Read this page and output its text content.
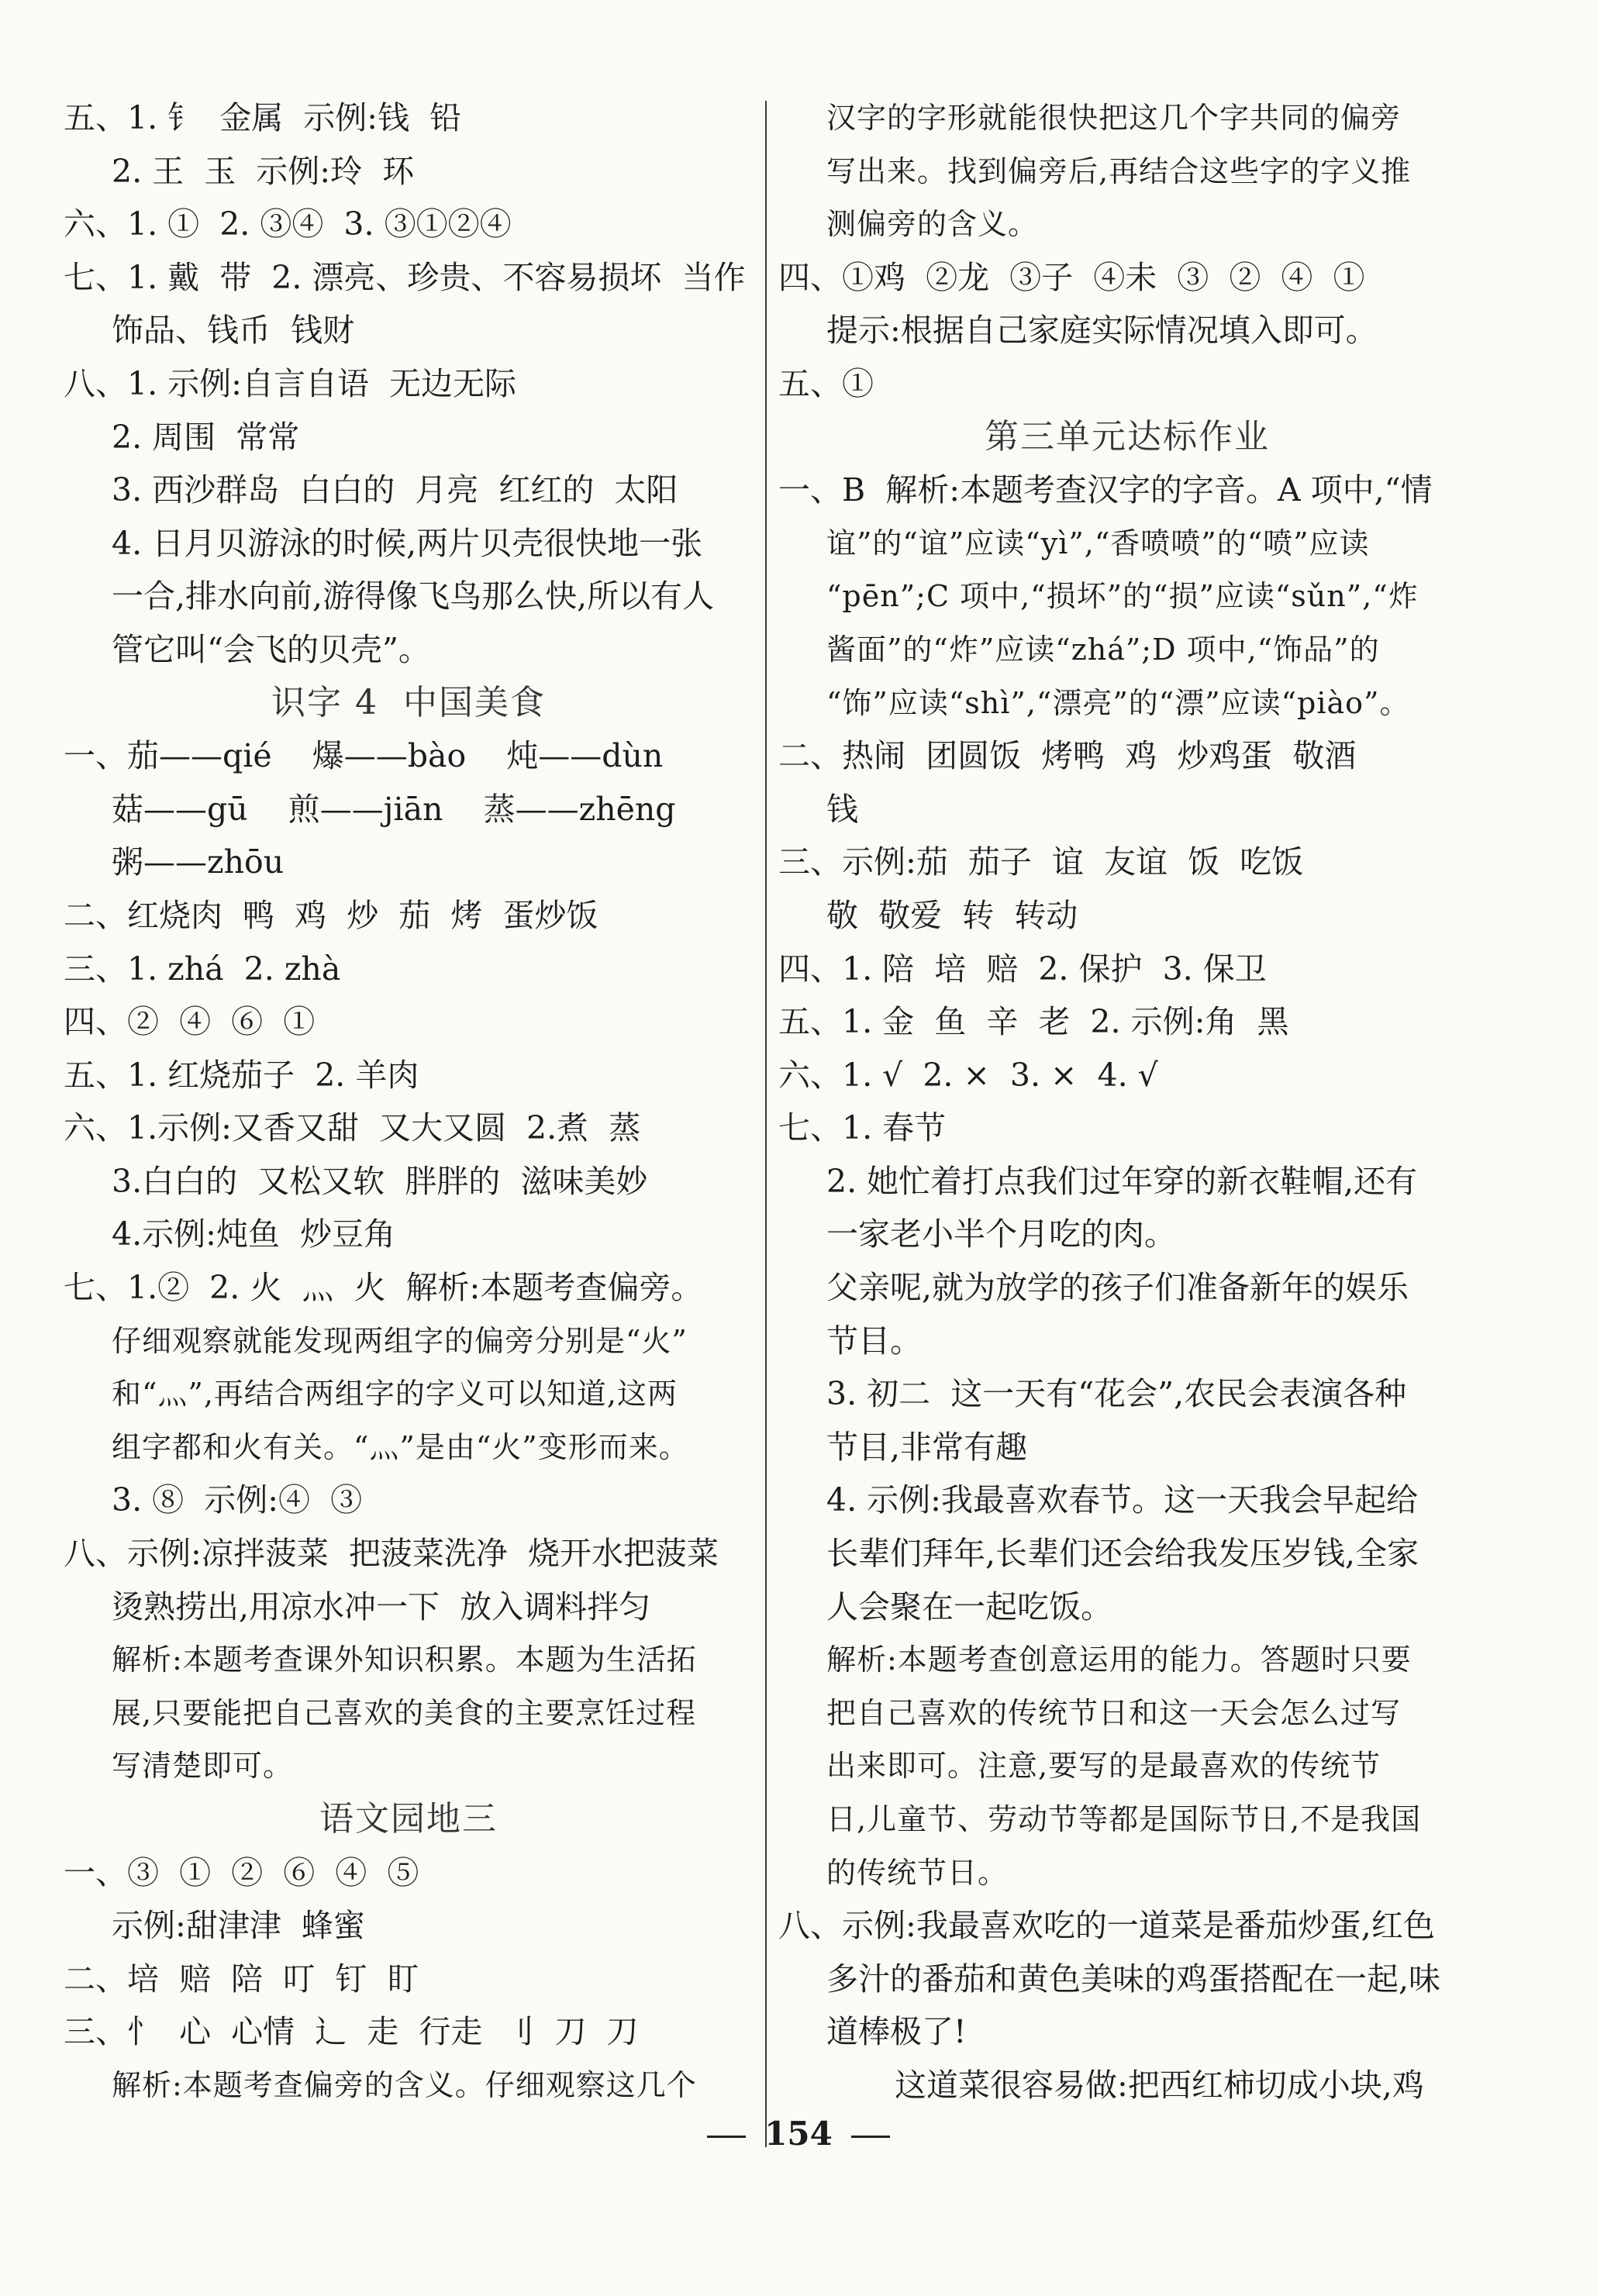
五、1. 钅  金属  示例:钱  铅
2. 王  玉  示例:玲  环
六、1. ①  2. ③④  3. ③①②④
七、1. 戴  带  2. 漂亮、珍贵、不容易损坏  当作
饰品、钱币  钱财
八、1. 示例:自言自语  无边无际
2. 周围  常常
3. 西沙群岛  白白的  月亮  红红的  太阳
4. 日月贝游泳的时候,两片贝壳很快地一张
一合,排水向前,游得像飞鸟那么快,所以有人
管它叫“会飞的贝壳”。
识字 4  中国美食
一、茄——qié    爆——bào    炖——dùn
菇——gū    煎——jiān    蒸——zhēng
粥——zhōu
二、红烧肉  鸭  鸡  炒  茄  烤  蛋炒饭
三、1. zhá  2. zhà
四、②  ④  ⑥  ①
五、1. 红烧茄子  2. 羊肉
六、1.示例:又香又甜  又大又圆  2.煮  蒸
3.白白的  又松又软  胖胖的  滋味美妙
4.示例:炖鱼  炒豆角
七、1.②  2. 火  灬  火  解析:本题考查偏旁。
仔细观察就能发现两组字的偏旁分别是“火”
和“灬”,再结合两组字的字义可以知道,这两
组字都和火有关。“灬”是由“火”变形而来。
3. ⑧  示例:④  ③
八、示例:凉拌菠菜  把菠菜洗净  烧开水把菠菜
烫熟捞出,用凉水冲一下  放入调料拌匀
解析:本题考查课外知识积累。本题为生活拓
展,只要能把自己喜欢的美食的主要烹饪过程
写清楚即可。
语文园地三
一、③  ①  ②  ⑥  ④  ⑤
示例:甜津津  蜂蜜
二、培  赔  陪  叮  钉  盯
三、忄  心  心情  辶  走  行走  刂  刀  刀
解析:本题考查偏旁的含义。仔细观察这几个
汉字的字形就能很快把这几个字共同的偏旁
写出来。找到偏旁后,再结合这些字的字义推
测偏旁的含义。
四、①鸡  ②龙  ③子  ④未  ③  ②  ④  ①
提示:根据自己家庭实际情况填入即可。
五、①
第三单元达标作业
一、B  解析:本题考查汉字的字音。A 项中,“情
谊”的“谊”应读“yì”,“香喷喷”的“喷”应读
“pēn”;C 项中,“损坏”的“损”应读“sǔn”,“炸
酱面”的“炸”应读“zhá”;D 项中,“饰品”的
“饰”应读“shì”,“漂亮”的“漂”应读“piào”。
二、热闹  团圆饭  烤鸭  鸡  炒鸡蛋  敬酒
钱
三、示例:茄  茄子  谊  友谊  饭  吃饭
敬  敬爱  转  转动
四、1. 陪  培  赔  2. 保护  3. 保卫
五、1. 金  鱼  辛  老  2. 示例:角  黑
六、1. √  2. ×  3. ×  4. √
七、1. 春节
2. 她忙着打点我们过年穿的新衣鞋帽,还有
一家老小半个月吃的肉。
父亲呢,就为放学的孩子们准备新年的娱乐
节目。
3. 初二  这一天有“花会”,农民会表演各种
节目,非常有趣
4. 示例:我最喜欢春节。这一天我会早起给
长辈们拜年,长辈们还会给我发压岁钱,全家
人会聚在一起吃饭。
解析:本题考查创意运用的能力。答题时只要
把自己喜欢的传统节日和这一天会怎么过写
出来即可。注意,要写的是最喜欢的传统节
日,儿童节、劳动节等都是国际节日,不是我国
的传统节日。
八、示例:我最喜欢吃的一道菜是番茄炒蛋,红色
多汁的番茄和黄色美味的鸡蛋搭配在一起,味
道棒极了!
这道菜很容易做:把西红柿切成小块,鸡
154
